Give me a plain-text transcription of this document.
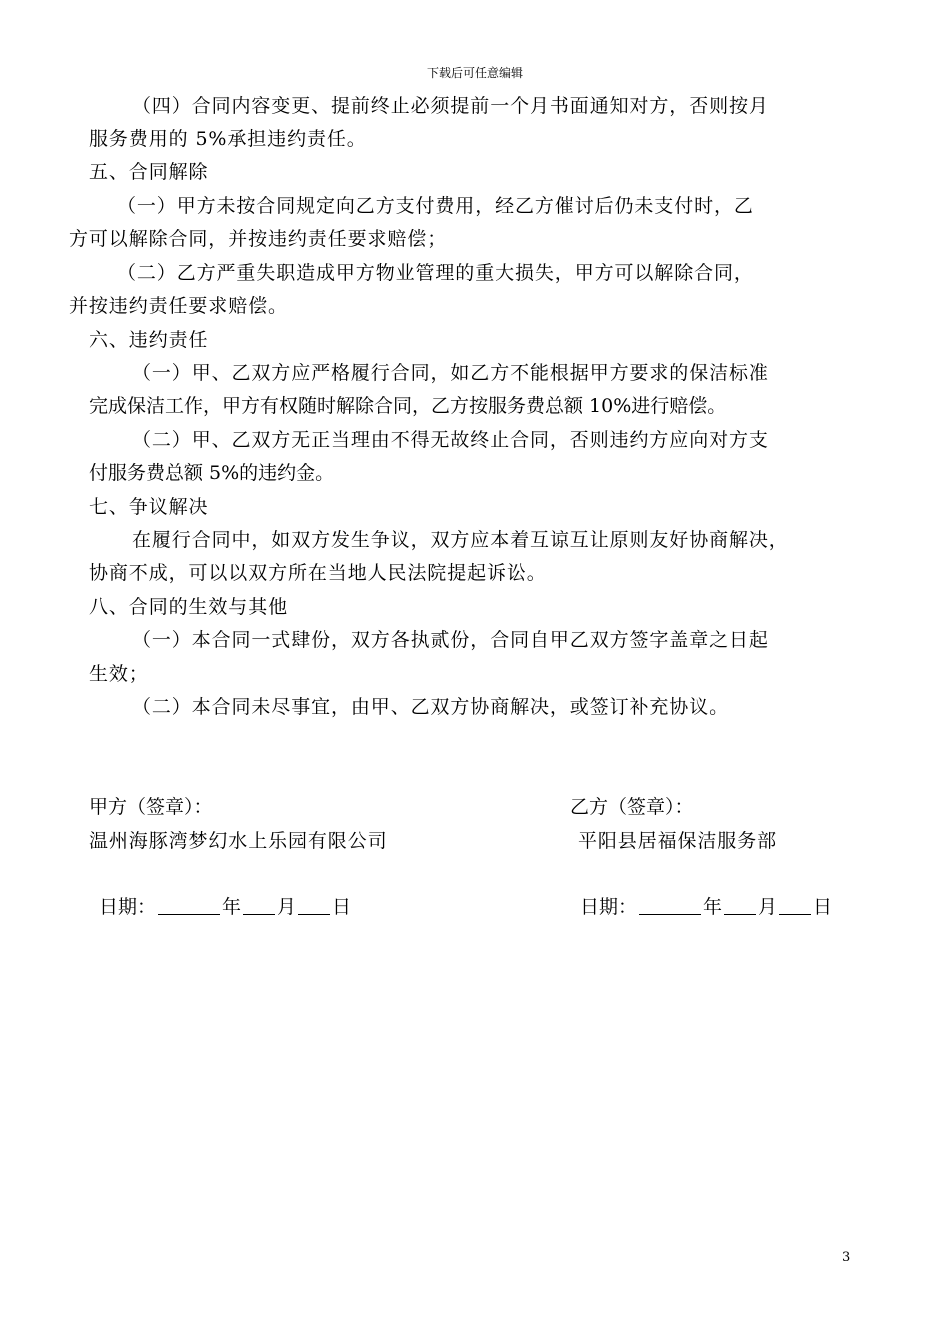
下载后可任意编辑
（四）合同内容变更、提前终止必须提前一个月书面通知对方，否则按月
服务费用的 5%承担违约责任。
五、合同解除
（一）甲方未按合同规定向乙方支付费用，经乙方催讨后仍未支付时，乙
方可以解除合同，并按违约责任要求赔偿；
（二）乙方严重失职造成甲方物业管理的重大损失，甲方可以解除合同，
并按违约责任要求赔偿。
六、违约责任
（一）甲、乙双方应严格履行合同，如乙方不能根据甲方要求的保洁标准
完成保洁工作，甲方有权随时解除合同，乙方按服务费总额 10%进行赔偿。
（二）甲、乙双方无正当理由不得无故终止合同，否则违约方应向对方支
付服务费总额 5%的违约金。
七、争议解决
在履行合同中，如双方发生争议，双方应本着互谅互让原则友好协商解决，
协商不成，可以以双方所在当地人民法院提起诉讼。
八、合同的生效与其他
（一）本合同一式肆份，双方各执贰份，合同自甲乙双方签字盖章之日起
生效；
（二）本合同未尽事宜，由甲、乙双方协商解决，或签订补充协议。
甲方（签章）：
温州海豚湾梦幻水上乐园有限公司
日期：	年 月 日
乙方（签章）：
平阳县居福保洁服务部
日期：	年 月 日
3
